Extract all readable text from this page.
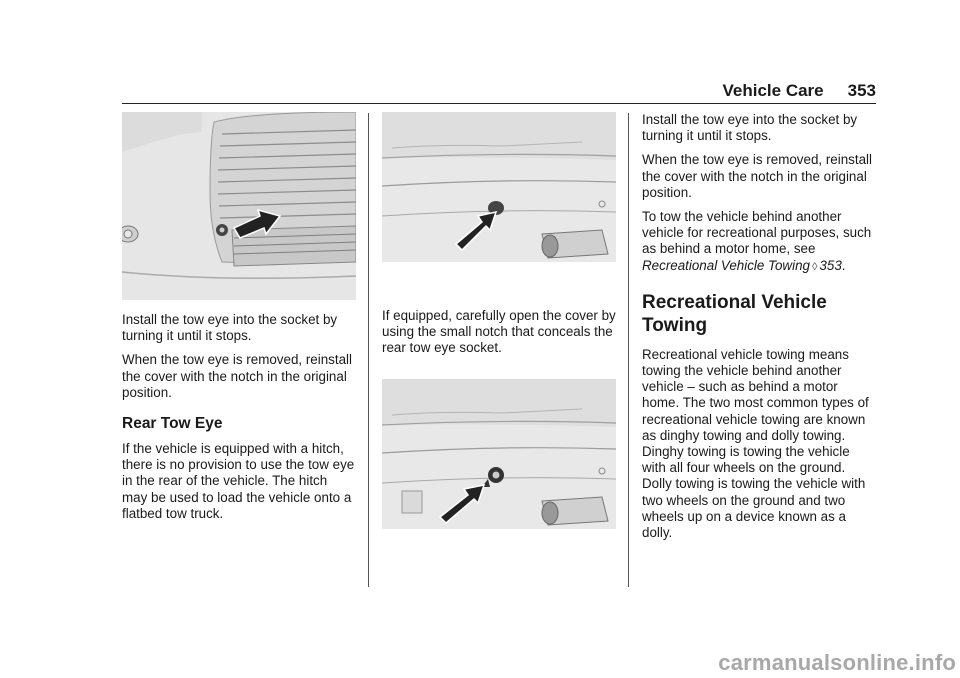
Vehicle Care 353

Install the tow eye into the socket by turning it until it stops.

When the tow eye is removed, reinstall the cover with the notch in the original position.

Rear Tow Eye

If the vehicle is equipped with a hitch, there is no provision to use the tow eye in the rear of the vehicle. The hitch may be used to load the vehicle onto a flatbed tow truck.

If equipped, carefully open the cover by using the small notch that conceals the rear tow eye socket.

Install the tow eye into the socket by turning it until it stops.

When the tow eye is removed, reinstall the cover with the notch in the original position.

To tow the vehicle behind another vehicle for recreational purposes, such as behind a motor home, see Recreational Vehicle Towing ◊ 353.

Recreational Vehicle Towing

Recreational vehicle towing means towing the vehicle behind another vehicle – such as behind a motor home. The two most common types of recreational vehicle towing are known as dinghy towing and dolly towing. Dinghy towing is towing the vehicle with all four wheels on the ground. Dolly towing is towing the vehicle with two wheels on the ground and two wheels up on a device known as a dolly.

carmanualsonline.info
